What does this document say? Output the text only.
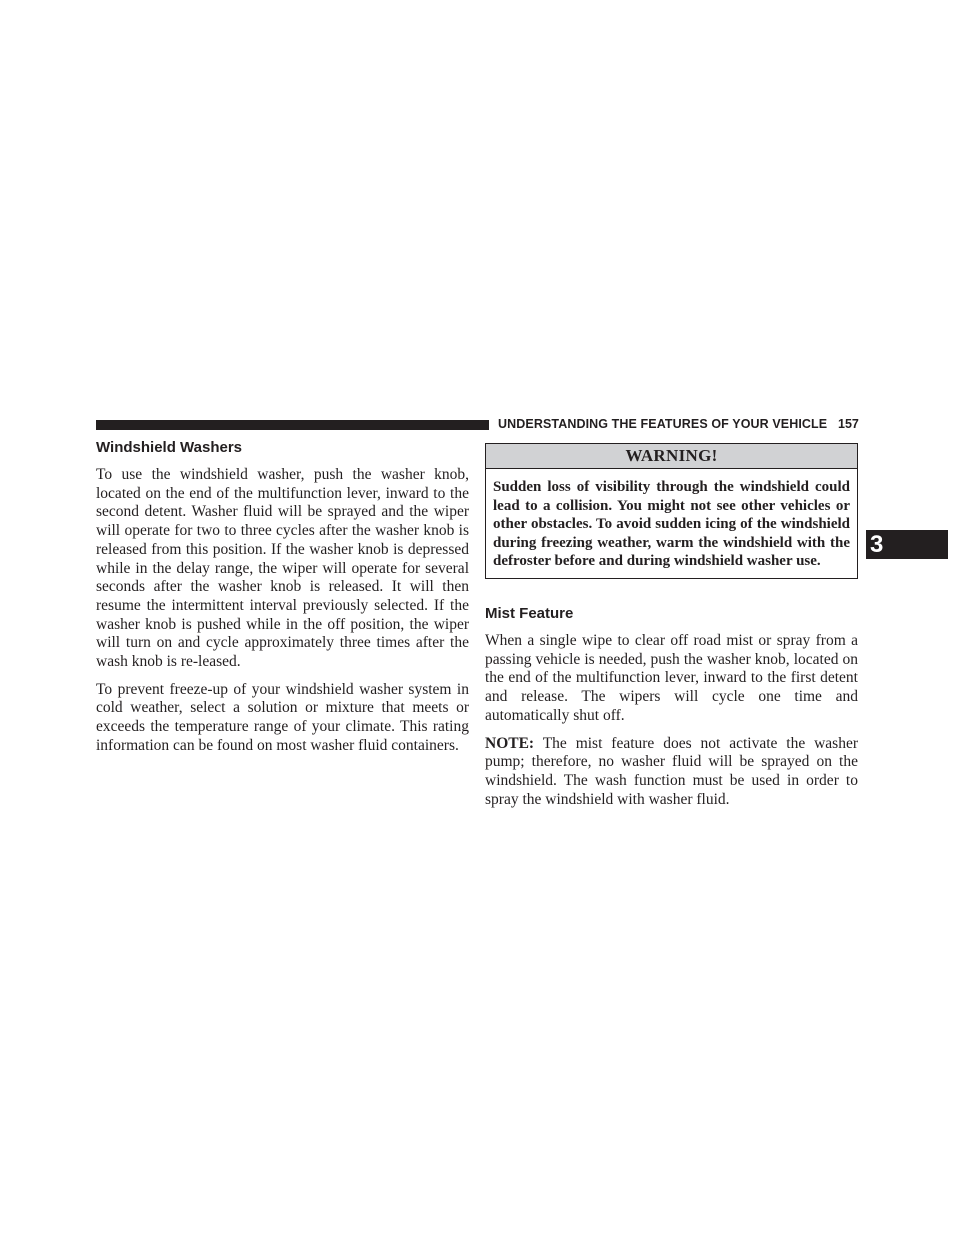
UNDERSTANDING THE FEATURES OF YOUR VEHICLE 157
3
Windshield Washers

To use the windshield washer, push the washer knob, located on the end of the multifunction lever, inward to the second detent. Washer fluid will be sprayed and the wiper will operate for two to three cycles after the washer knob is released from this position. If the washer knob is depressed while in the delay range, the wiper will operate for several seconds after the washer knob is released. It will then resume the intermittent interval previously selected. If the washer knob is pushed while in the off position, the wiper will turn on and cycle approximately three times after the wash knob is re-leased.

To prevent freeze-up of your windshield washer system in cold weather, select a solution or mixture that meets or exceeds the temperature range of your climate. This rating information can be found on most washer fluid containers.

WARNING!
Sudden loss of visibility through the windshield could lead to a collision. You might not see other vehicles or other obstacles. To avoid sudden icing of the windshield during freezing weather, warm the windshield with the defroster before and during windshield washer use.
Mist Feature

When a single wipe to clear off road mist or spray from a passing vehicle is needed, push the washer knob, located on the end of the multifunction lever, inward to the first detent and release. The wipers will cycle one time and automatically shut off.

NOTE: The mist feature does not activate the washer pump; therefore, no washer fluid will be sprayed on the windshield. The wash function must be used in order to spray the windshield with washer fluid.
